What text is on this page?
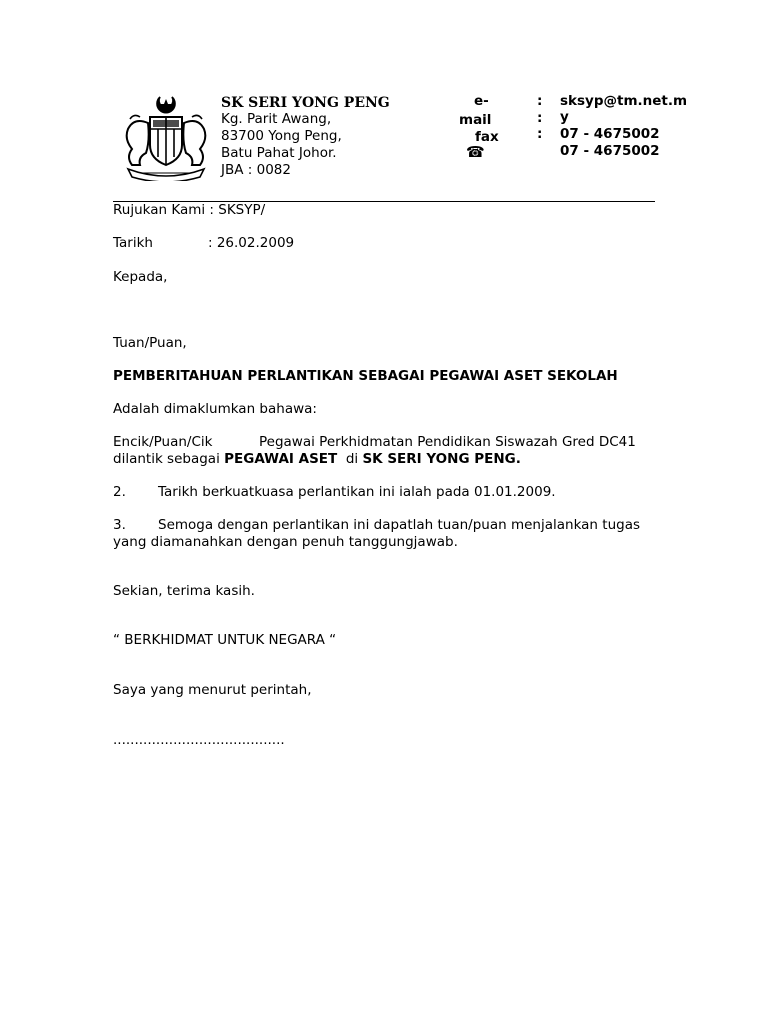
SK SERI YONG PENG
Kg. Parit Awang,
83700 Yong Peng,
Batu Pahat Johor.
JBA : 0082
e-
mail
fax
☎
:
:
:
sksyp@tm.net.m
y
07 - 4675002
07 - 4675002
Rujukan Kami : SKSYP/
Tarikh	: 26.02.2009
Kepada,
Tuan/Puan,
PEMBERITAHUAN PERLANTIKAN SEBAGAI PEGAWAI ASET SEKOLAH
Adalah dimaklumkan bahawa:
Encik/Puan/Cik	Pegawai Perkhidmatan Pendidikan Siswazah Gred DC41
dilantik sebagai PEGAWAI ASET  di SK SERI YONG PENG.
2. Tarikh berkuatkuasa perlantikan ini ialah pada 01.01.2009.
3. Semoga dengan perlantikan ini dapatlah tuan/puan menjalankan tugas
yang diamanahkan dengan penuh tanggungjawab.
Sekian, terima kasih.
“ BERKHIDMAT UNTUK NEGARA “
Saya yang menurut perintah,
........................................
